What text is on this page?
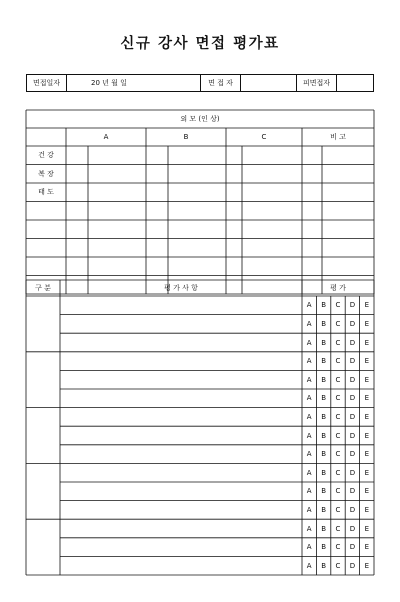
신규 강사 면접 평가표
면접일자	20 년 월 일	면 접 자	피면접자
외 모 (인 상)
A	B	C	비 고
건 강
복 장
태 도
구 분	평 가 사 항	평 가
A	B	C	D	E
A	B	C	D	E
A	B	C	D	E
A	B	C	D	E
A	B	C	D	E
A	B	C	D	E
A	B	C	D	E
A	B	C	D	E
A	B	C	D	E
A	B	C	D	E
A	B	C	D	E
A	B	C	D	E
A	B	C	D	E
A	B	C	D	E
A	B	C	D	E
